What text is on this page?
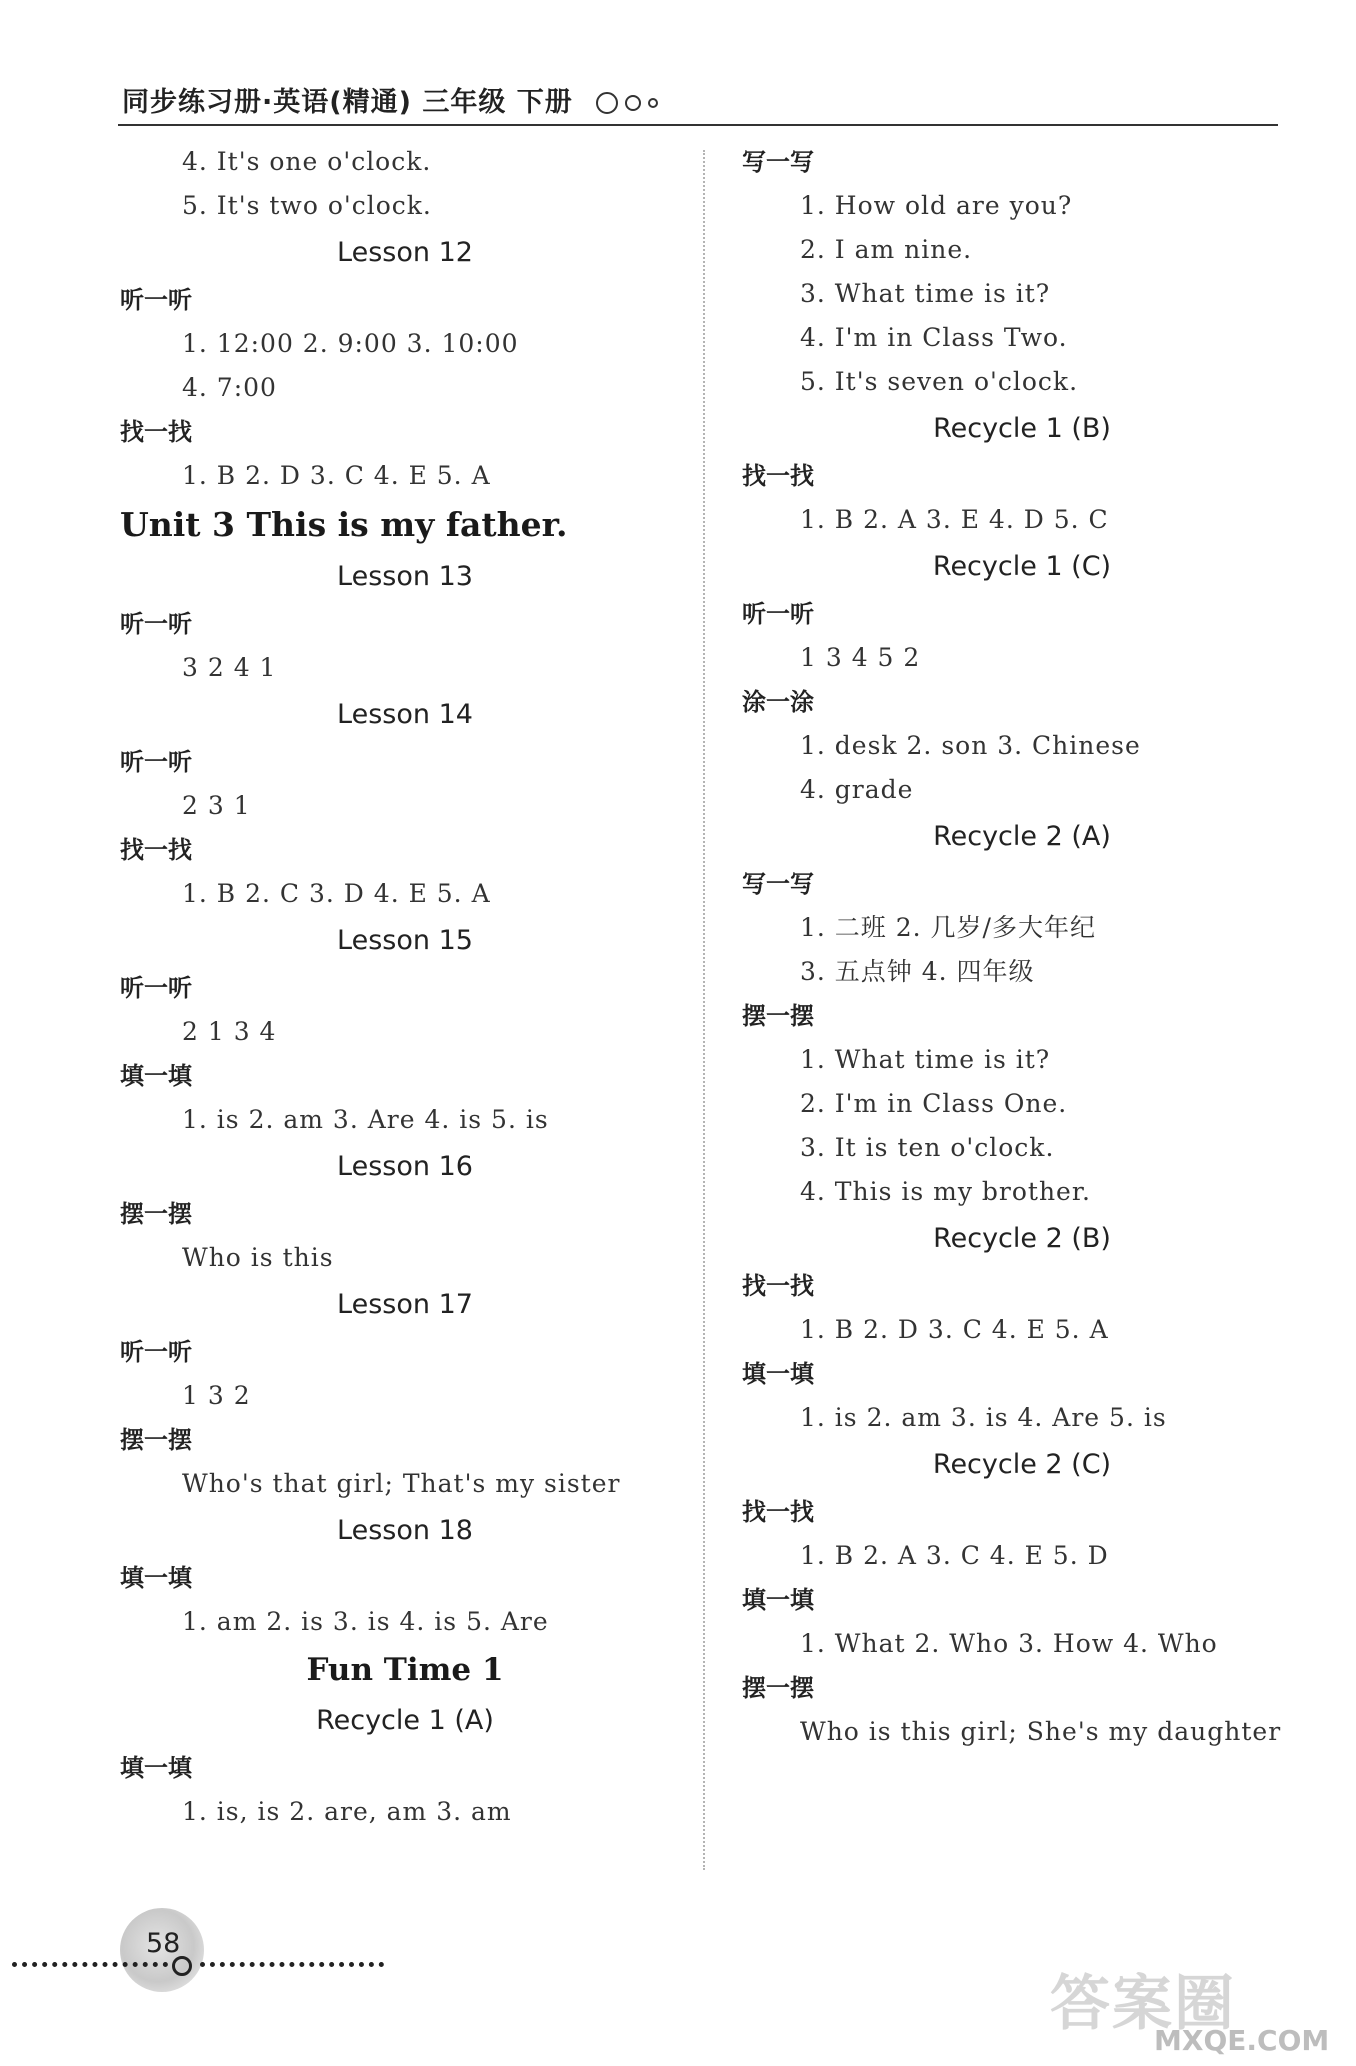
同步练习册·英语(精通) 三年级 下册
4. It's one o'clock.
5. It's two o'clock.
Lesson 12
听一听
1. 12:00 2. 9:00 3. 10:00
4. 7:00
找一找
1. B 2. D 3. C 4. E 5. A
Unit 3 This is my father.
Lesson 13
听一听
3 2 4 1
Lesson 14
听一听
2 3 1
找一找
1. B 2. C 3. D 4. E 5. A
Lesson 15
听一听
2 1 3 4
填一填
1. is 2. am 3. Are 4. is 5. is
Lesson 16
摆一摆
Who is this
Lesson 17
听一听
1 3 2
摆一摆
Who's that girl; That's my sister
Lesson 18
填一填
1. am 2. is 3. is 4. is 5. Are
Fun Time 1
Recycle 1 (A)
填一填
1. is, is 2. are, am 3. am
写一写
1. How old are you?
2. I am nine.
3. What time is it?
4. I'm in Class Two.
5. It's seven o'clock.
Recycle 1 (B)
找一找
1. B 2. A 3. E 4. D 5. C
Recycle 1 (C)
听一听
1 3 4 5 2
涂一涂
1. desk 2. son 3. Chinese
4. grade
Recycle 2 (A)
写一写
1. 二班 2. 几岁/多大年纪
3. 五点钟 4. 四年级
摆一摆
1. What time is it?
2. I'm in Class One.
3. It is ten o'clock.
4. This is my brother.
Recycle 2 (B)
找一找
1. B 2. D 3. C 4. E 5. A
填一填
1. is 2. am 3. is 4. Are 5. is
Recycle 2 (C)
找一找
1. B 2. A 3. C 4. E 5. D
填一填
1. What 2. Who 3. How 4. Who
摆一摆
Who is this girl; She's my daughter
58
答案圈
MXQE.COM
